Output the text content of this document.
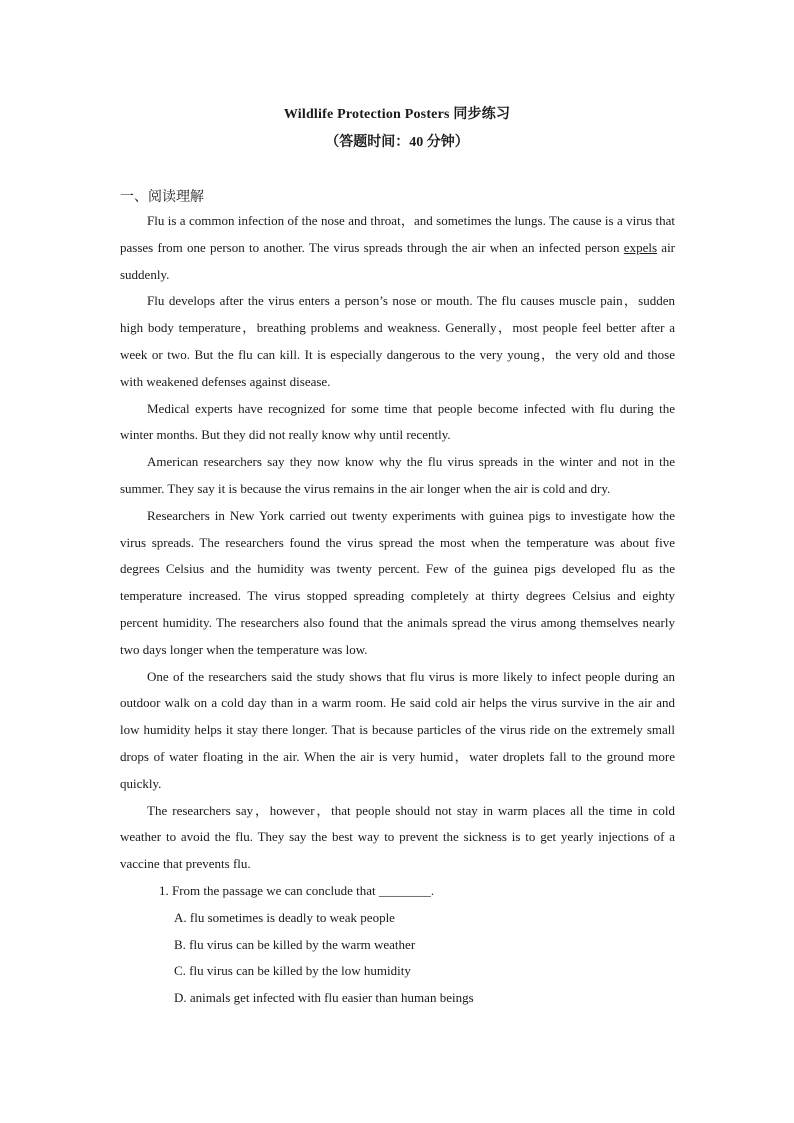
Wildlife Protection Posters 同步练习
（答题时间：40 分钟）
一、阅读理解

Flu is a common infection of the nose and throat，and sometimes the lungs. The cause is a virus that passes from one person to another. The virus spreads through the air when an infected person expels air suddenly.

Flu develops after the virus enters a person’s nose or mouth. The flu causes muscle pain，sudden high body temperature，breathing problems and weakness. Generally，most people feel better after a week or two. But the flu can kill. It is especially dangerous to the very young，the very old and those with weakened defenses against disease.

Medical experts have recognized for some time that people become infected with flu during the winter months. But they did not really know why until recently.

American researchers say they now know why the flu virus spreads in the winter and not in the summer. They say it is because the virus remains in the air longer when the air is cold and dry.

Researchers in New York carried out twenty experiments with guinea pigs to investigate how the virus spreads. The researchers found the virus spread the most when the temperature was about five degrees Celsius and the humidity was twenty percent. Few of the guinea pigs developed flu as the temperature increased. The virus stopped spreading completely at thirty degrees Celsius and eighty percent humidity. The researchers also found that the animals spread the virus among themselves nearly two days longer when the temperature was low.

One of the researchers said the study shows that flu virus is more likely to infect people during an outdoor walk on a cold day than in a warm room. He said cold air helps the virus survive in the air and low humidity helps it stay there longer. That is because particles of the virus ride on the extremely small drops of water floating in the air. When the air is very humid，water droplets fall to the ground more quickly.

The researchers say，however，that people should not stay in warm places all the time in cold weather to avoid the flu. They say the best way to prevent the sickness is to get yearly injections of a vaccine that prevents flu.

1. From the passage we can conclude that ________.

A. flu sometimes is deadly to weak people

B. flu virus can be killed by the warm weather

C. flu virus can be killed by the low humidity

D. animals get infected with flu easier than human beings
